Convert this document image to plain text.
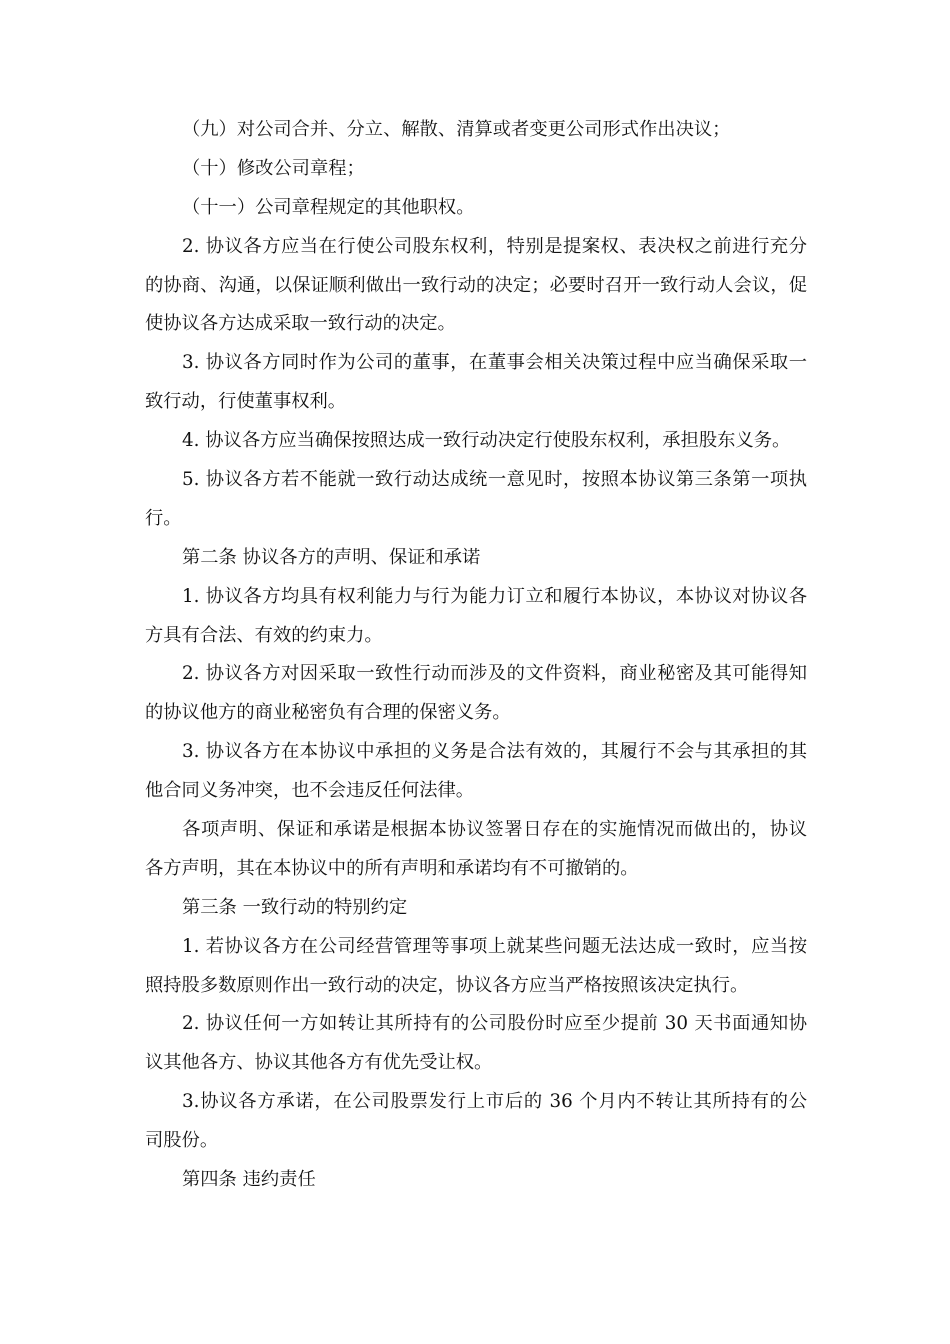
（九）对公司合并、分立、解散、清算或者变更公司形式作出决议；
（十）修改公司章程；
（十一）公司章程规定的其他职权。
2. 协议各方应当在行使公司股东权利，特别是提案权、表决权之前进行充分
的协商、沟通，以保证顺利做出一致行动的决定；必要时召开一致行动人会议，促
使协议各方达成采取一致行动的决定。
3. 协议各方同时作为公司的董事，在董事会相关决策过程中应当确保采取一
致行动，行使董事权利。
4. 协议各方应当确保按照达成一致行动决定行使股东权利，承担股东义务。
5. 协议各方若不能就一致行动达成统一意见时，按照本协议第三条第一项执
行。
第二条 协议各方的声明、保证和承诺
1. 协议各方均具有权利能力与行为能力订立和履行本协议，本协议对协议各
方具有合法、有效的约束力。
2. 协议各方对因采取一致性行动而涉及的文件资料，商业秘密及其可能得知
的协议他方的商业秘密负有合理的保密义务。
3. 协议各方在本协议中承担的义务是合法有效的，其履行不会与其承担的其
他合同义务冲突，也不会违反任何法律。
各项声明、保证和承诺是根据本协议签署日存在的实施情况而做出的，协议
各方声明，其在本协议中的所有声明和承诺均有不可撤销的。
第三条 一致行动的特别约定
1. 若协议各方在公司经营管理等事项上就某些问题无法达成一致时，应当按
照持股多数原则作出一致行动的决定，协议各方应当严格按照该决定执行。
2. 协议任何一方如转让其所持有的公司股份时应至少提前 30 天书面通知协
议其他各方、协议其他各方有优先受让权。
3.协议各方承诺，在公司股票发行上市后的 36 个月内不转让其所持有的公
司股份。
第四条 违约责任
